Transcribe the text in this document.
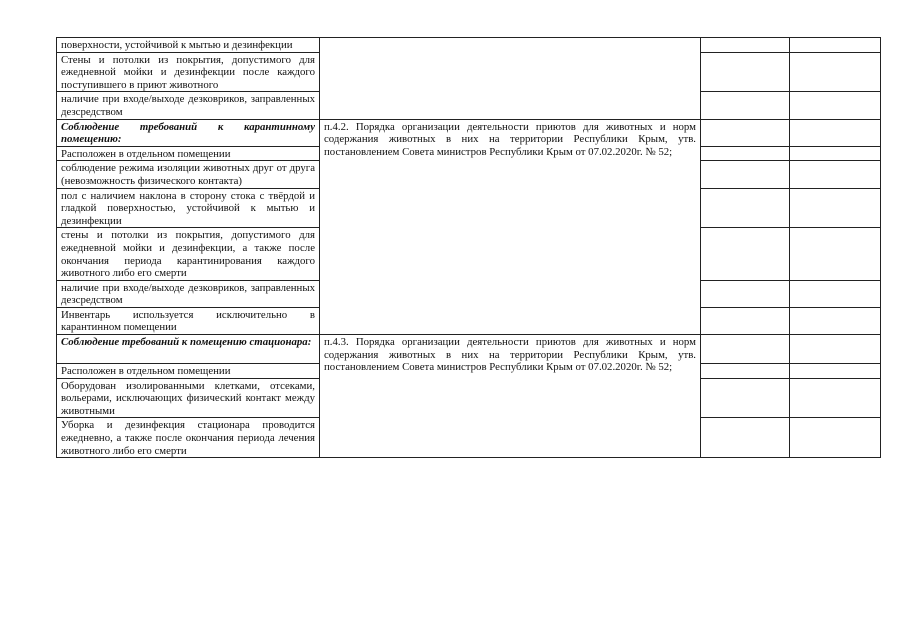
поверхности, устойчивой к мытью и дезинфекции			
Стены и потолки из покрытия, допустимого для ежедневной мойки и дезинфекции после каждого поступившего в приют животного			
наличие при входе/выходе дезковриков, заправленных дезсредством			
Соблюдение требований к карантинному помещению:	п.4.2. Порядка организации деятельности приютов для животных и норм содержания животных в них на территории Республики Крым, утв. постановлением Совета министров Республики Крым от 07.02.2020г. № 52;		
Расположен в отдельном помещении			
соблюдение режима изоляции животных друг от друга (невозможность физического контакта)			
пол с наличием наклона в сторону стока с твёрдой и гладкой поверхностью, устойчивой к мытью и дезинфекции			
стены и потолки из покрытия, допустимого для ежедневной мойки и дезинфекции, а также после окончания периода карантинирования каждого животного либо его смерти			
наличие при входе/выходе дезковриков, заправленных дезсредством			
Инвентарь используется исключительно в карантинном помещении			
Соблюдение требований к помещению стационара:	п.4.3. Порядка организации деятельности приютов для животных и норм содержания животных в них на территории Республики Крым, утв. постановлением Совета министров Республики Крым от 07.02.2020г. № 52;		
Расположен в отдельном помещении			
Оборудован изолированными клетками, отсеками, вольерами, исключающих физический контакт между животными			
Уборка и дезинфекция стационара проводится ежедневно, а также после окончания периода лечения животного либо его смерти			
